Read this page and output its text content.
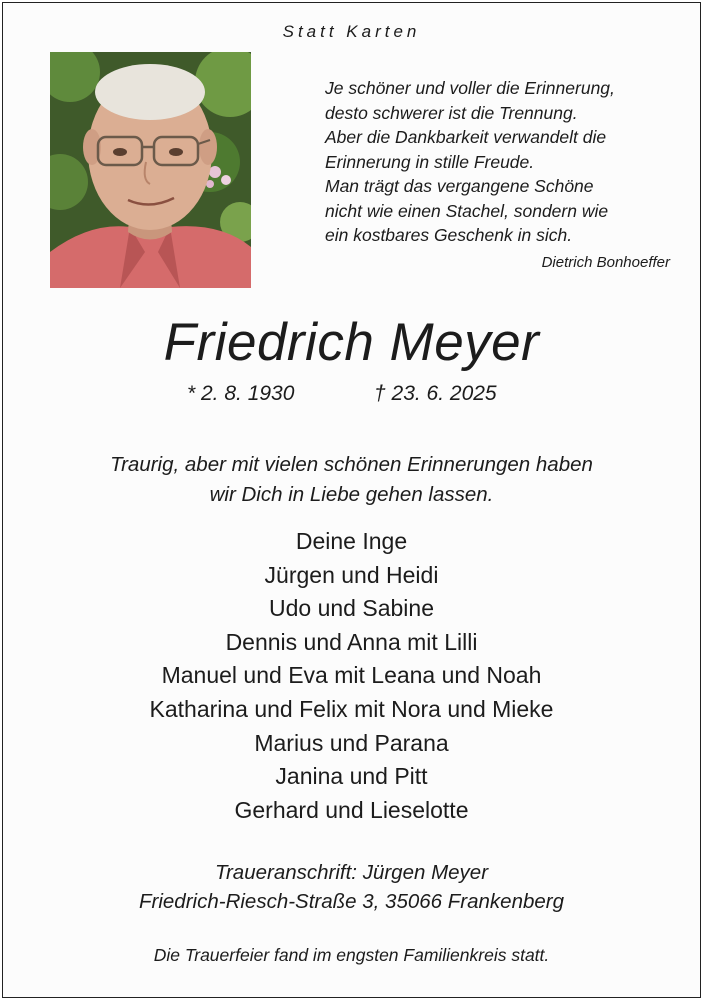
Statt Karten
Je schöner und voller die Erinnerung,
desto schwerer ist die Trennung.
Aber die Dankbarkeit verwandelt die
Erinnerung in stille Freude.
Man trägt das vergangene Schöne
nicht wie einen Stachel, sondern wie
ein kostbares Geschenk in sich.
Dietrich Bonhoeffer
Friedrich Meyer
* 2. 8. 1930	† 23. 6. 2025
Traurig, aber mit vielen schönen Erinnerungen haben
wir Dich in Liebe gehen lassen.
Deine Inge
Jürgen und Heidi
Udo und Sabine
Dennis und Anna mit Lilli
Manuel und Eva mit Leana und Noah
Katharina und Felix mit Nora und Mieke
Marius und Parana
Janina und Pitt
Gerhard und Lieselotte
Traueranschrift: Jürgen Meyer
Friedrich-Riesch-Straße 3, 35066 Frankenberg
Die Trauerfeier fand im engsten Familienkreis statt.
